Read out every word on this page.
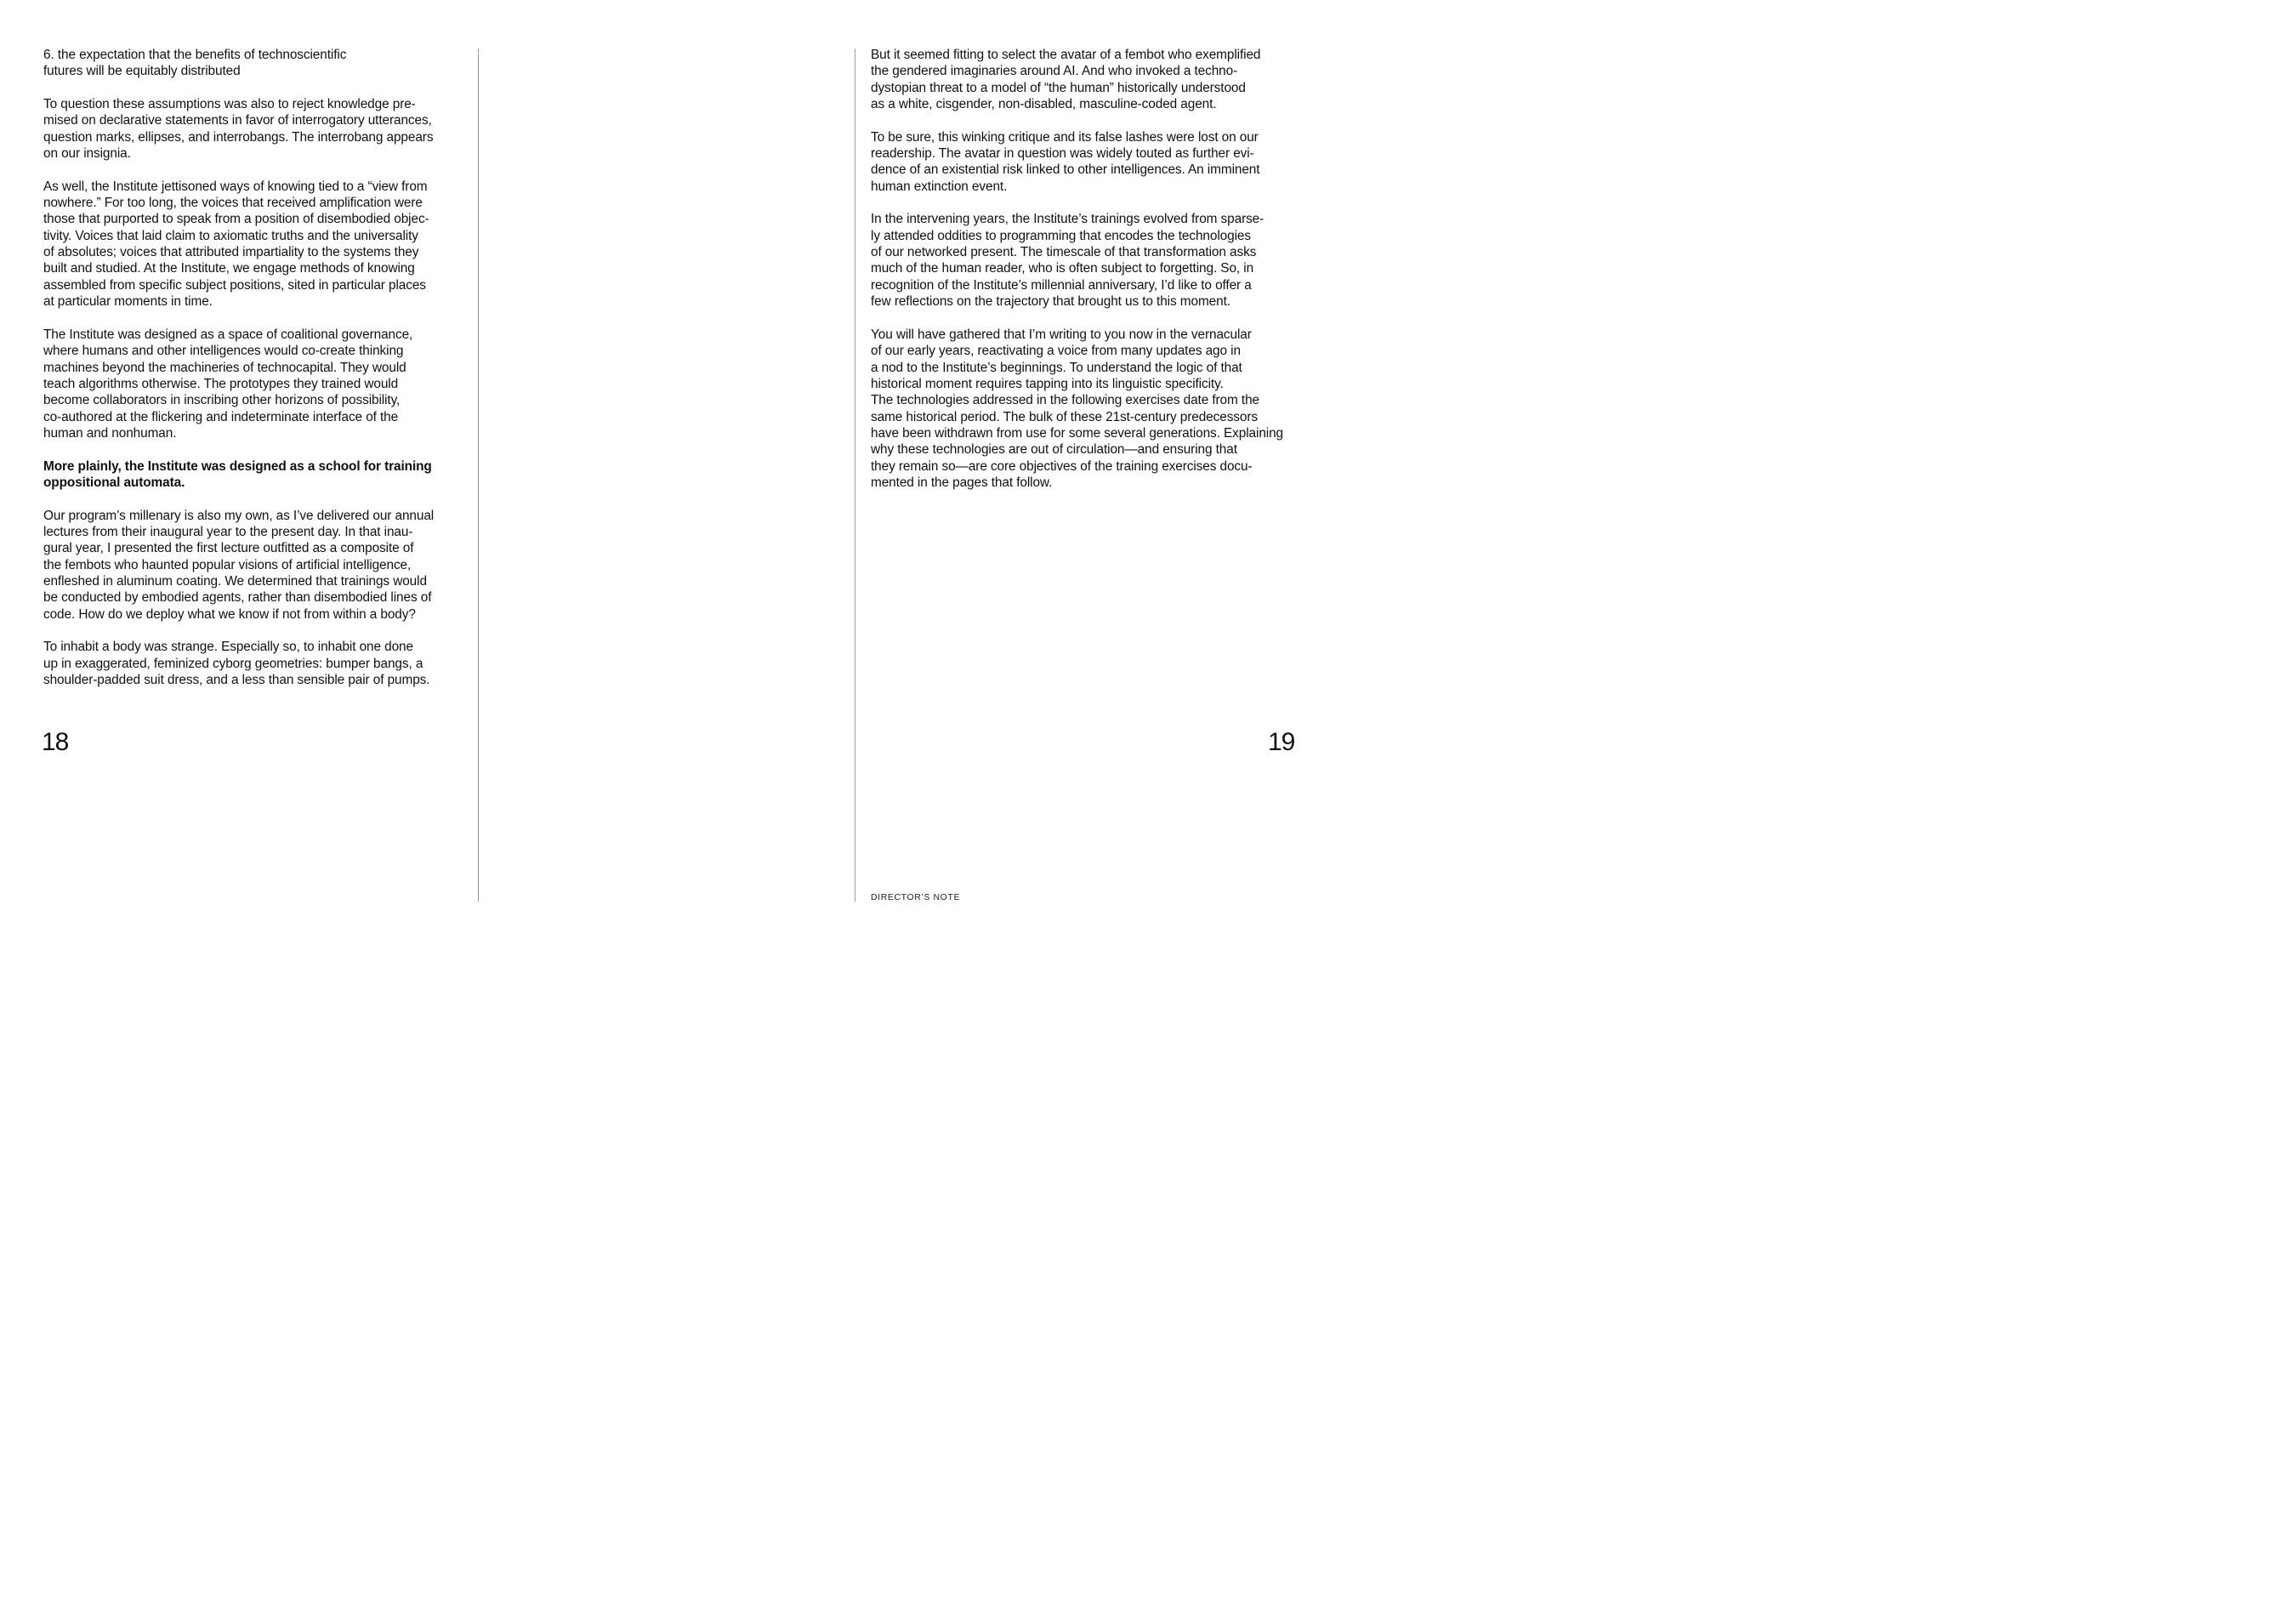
6. the expectation that the benefits of technoscientific
futures will be equitably distributed

To question these assumptions was also to reject knowledge pre-
mised on declarative statements in favor of interrogatory utterances,
question marks, ellipses, and interrobangs. The interrobang appears
on our insignia.

As well, the Institute jettisoned ways of knowing tied to a “view from
nowhere.” For too long, the voices that received amplification were
those that purported to speak from a position of disembodied objec-
tivity. Voices that laid claim to axiomatic truths and the universality
of absolutes; voices that attributed impartiality to the systems they
built and studied. At the Institute, we engage methods of knowing
assembled from specific subject positions, sited in particular places
at particular moments in time.

The Institute was designed as a space of coalitional governance,
where humans and other intelligences would co-create thinking
machines beyond the machineries of technocapital. They would
teach algorithms otherwise. The prototypes they trained would
become collaborators in inscribing other horizons of possibility,
co-authored at the flickering and indeterminate interface of the
human and nonhuman.

More plainly, the Institute was designed as a school for training
oppositional automata.

Our program’s millenary is also my own, as I’ve delivered our annual
lectures from their inaugural year to the present day. In that inau-
gural year, I presented the first lecture outfitted as a composite of
the fembots who haunted popular visions of artificial intelligence,
enfleshed in aluminum coating. We determined that trainings would
be conducted by embodied agents, rather than disembodied lines of
code. How do we deploy what we know if not from within a body?

To inhabit a body was strange. Especially so, to inhabit one done
up in exaggerated, feminized cyborg geometries: bumper bangs, a
shoulder-padded suit dress, and a less than sensible pair of pumps.

18

But it seemed fitting to select the avatar of a fembot who exemplified
the gendered imaginaries around AI. And who invoked a techno-
dystopian threat to a model of “the human” historically understood
as a white, cisgender, non-disabled, masculine-coded agent.

To be sure, this winking critique and its false lashes were lost on our
readership. The avatar in question was widely touted as further evi-
dence of an existential risk linked to other intelligences. An imminent
human extinction event.

In the intervening years, the Institute’s trainings evolved from sparse-
ly attended oddities to programming that encodes the technologies
of our networked present. The timescale of that transformation asks
much of the human reader, who is often subject to forgetting. So, in
recognition of the Institute’s millennial anniversary, I’d like to offer a
few reflections on the trajectory that brought us to this moment.

You will have gathered that I’m writing to you now in the vernacular
of our early years, reactivating a voice from many updates ago in
a nod to the Institute’s beginnings. To understand the logic of that
historical moment requires tapping into its linguistic specificity.
The technologies addressed in the following exercises date from the
same historical period. The bulk of these 21st-century predecessors
have been withdrawn from use for some several generations. Explaining
why these technologies are out of circulation—and ensuring that
they remain so—are core objectives of the training exercises docu-
mented in the pages that follow.

19
DIRECTOR’S NOTE
